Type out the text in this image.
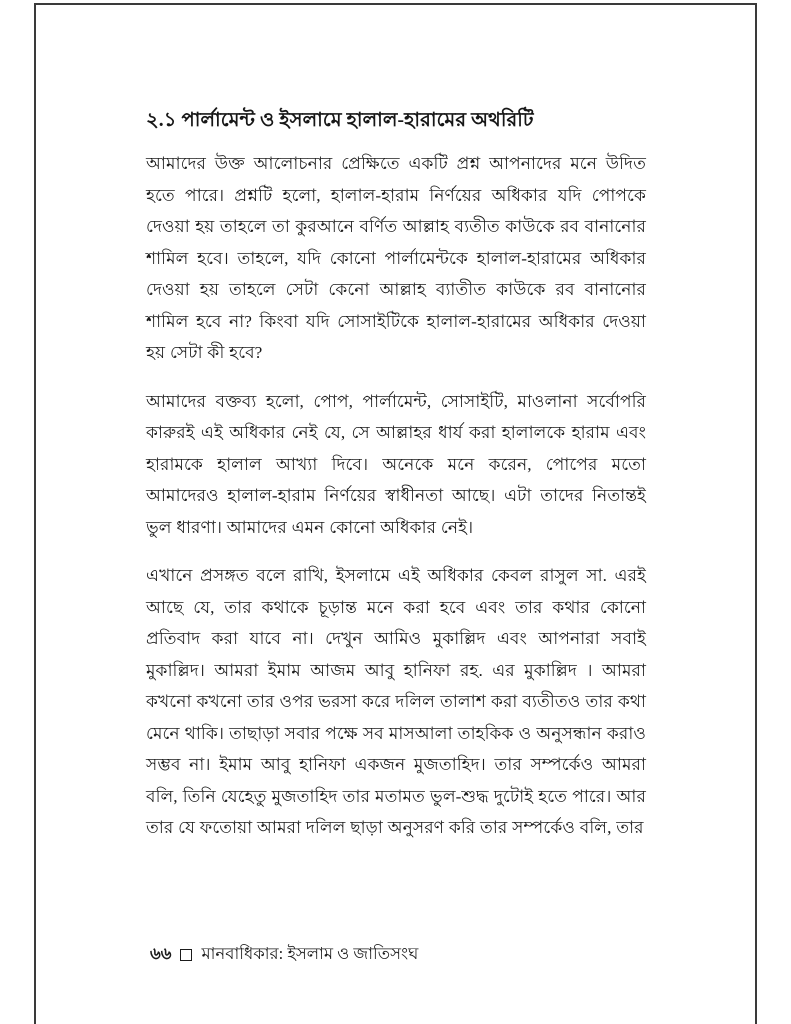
২.১ পার্লামেন্ট ও ইসলামে হালাল-হারামের অথরিটি

আমাদের উক্ত আলোচনার প্রেক্ষিতে একটি প্রশ্ন আপনাদের মনে উদিত হতে পারে। প্রশ্নটি হলো, হালাল-হারাম নির্ণয়ের অধিকার যদি পোপকে দেওয়া হয় তাহলে তা কুরআনে বর্ণিত আল্লাহ ব্যতীত কাউকে রব বানানোর শামিল হবে। তাহলে, যদি কোনো পার্লামেন্টকে হালাল-হারামের অধিকার দেওয়া হয় তাহলে সেটা কেনো আল্লাহ ব্যাতীত কাউকে রব বানানোর শামিল হবে না? কিংবা যদি সোসাইটিকে হালাল-হারামের অধিকার দেওয়া হয় সেটা কী হবে?

আমাদের বক্তব্য হলো, পোপ, পার্লামেন্ট, সোসাইটি, মাওলানা সর্বোপরি কারুরই এই অধিকার নেই যে, সে আল্লাহর ধার্য করা হালালকে হারাম এবং হারামকে হালাল আখ্যা দিবে। অনেকে মনে করেন, পোপের মতো আমাদেরও হালাল-হারাম নির্ণয়ের স্বাধীনতা আছে। এটা তাদের নিতান্তই ভুল ধারণা। আমাদের এমন কোনো অধিকার নেই।

এখানে প্রসঙ্গত বলে রাখি, ইসলামে এই অধিকার কেবল রাসুল সা. এরই আছে যে, তার কথাকে চূড়ান্ত মনে করা হবে এবং তার কথার কোনো প্রতিবাদ করা যাবে না। দেখুন আমিও মুকাল্লিদ এবং আপনারা সবাই মুকাল্লিদ। আমরা ইমাম আজম আবু হানিফা রহ. এর মুকাল্লিদ । আমরা কখনো কখনো তার ওপর ভরসা করে দলিল তালাশ করা ব্যতীতও তার কথা মেনে থাকি। তাছাড়া সবার পক্ষে সব মাসআলা তাহকিক ও অনুসন্ধান করাও সম্ভব না। ইমাম আবু হানিফা একজন মুজতাহিদ। তার সম্পর্কেও আমরা বলি, তিনি যেহেতু মুজতাহিদ তার মতামত ভুল-শুদ্ধ দুটোই হতে পারে। আর তার যে ফতোয়া আমরা দলিল ছাড়া অনুসরণ করি তার সম্পর্কেও বলি, তার

৬৬ মানবাধিকার: ইসলাম ও জাতিসংঘ
